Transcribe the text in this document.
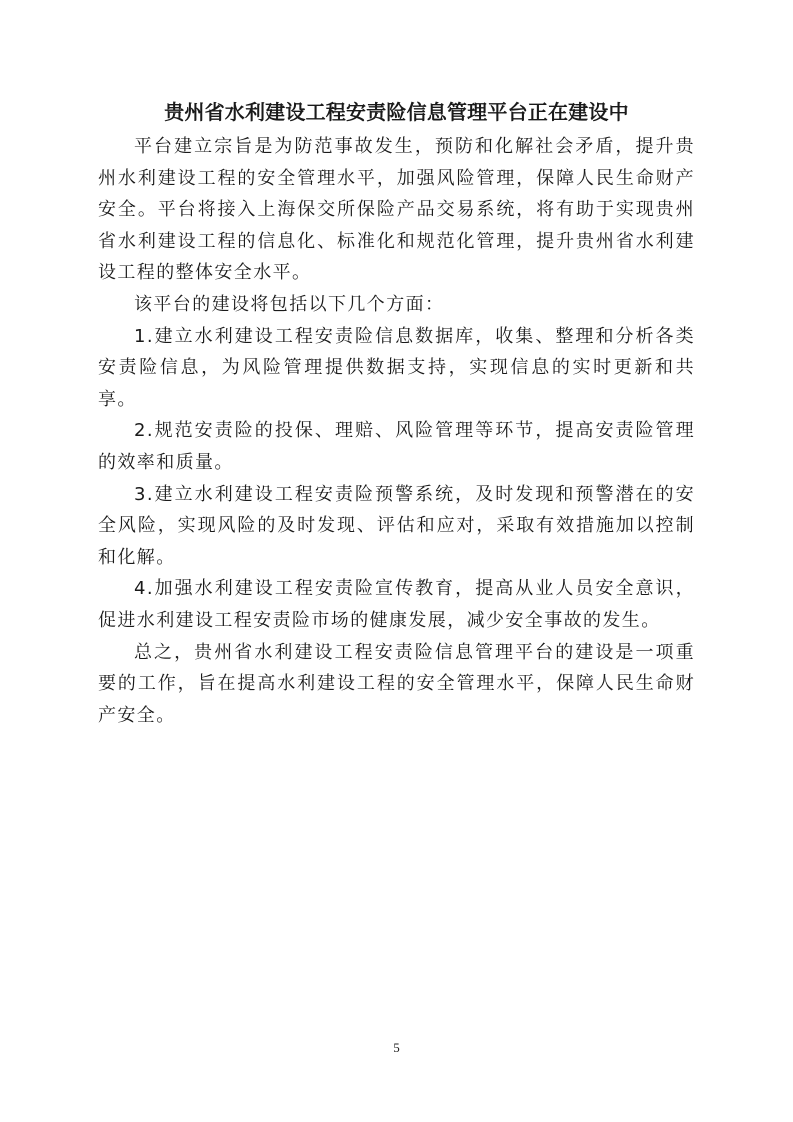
贵州省水利建设工程安责险信息管理平台正在建设中

平台建立宗旨是为防范事故发生，预防和化解社会矛盾，提升贵州水利建设工程的安全管理水平，加强风险管理，保障人民生命财产安全。平台将接入上海保交所保险产品交易系统，将有助于实现贵州省水利建设工程的信息化、标准化和规范化管理，提升贵州省水利建设工程的整体安全水平。

该平台的建设将包括以下几个方面：

1.建立水利建设工程安责险信息数据库，收集、整理和分析各类安责险信息，为风险管理提供数据支持，实现信息的实时更新和共享。

2.规范安责险的投保、理赔、风险管理等环节，提高安责险管理的效率和质量。

3.建立水利建设工程安责险预警系统，及时发现和预警潜在的安全风险，实现风险的及时发现、评估和应对，采取有效措施加以控制和化解。

4.加强水利建设工程安责险宣传教育，提高从业人员安全意识，促进水利建设工程安责险市场的健康发展，减少安全事故的发生。

总之，贵州省水利建设工程安责险信息管理平台的建设是一项重要的工作，旨在提高水利建设工程的安全管理水平，保障人民生命财产安全。

5
